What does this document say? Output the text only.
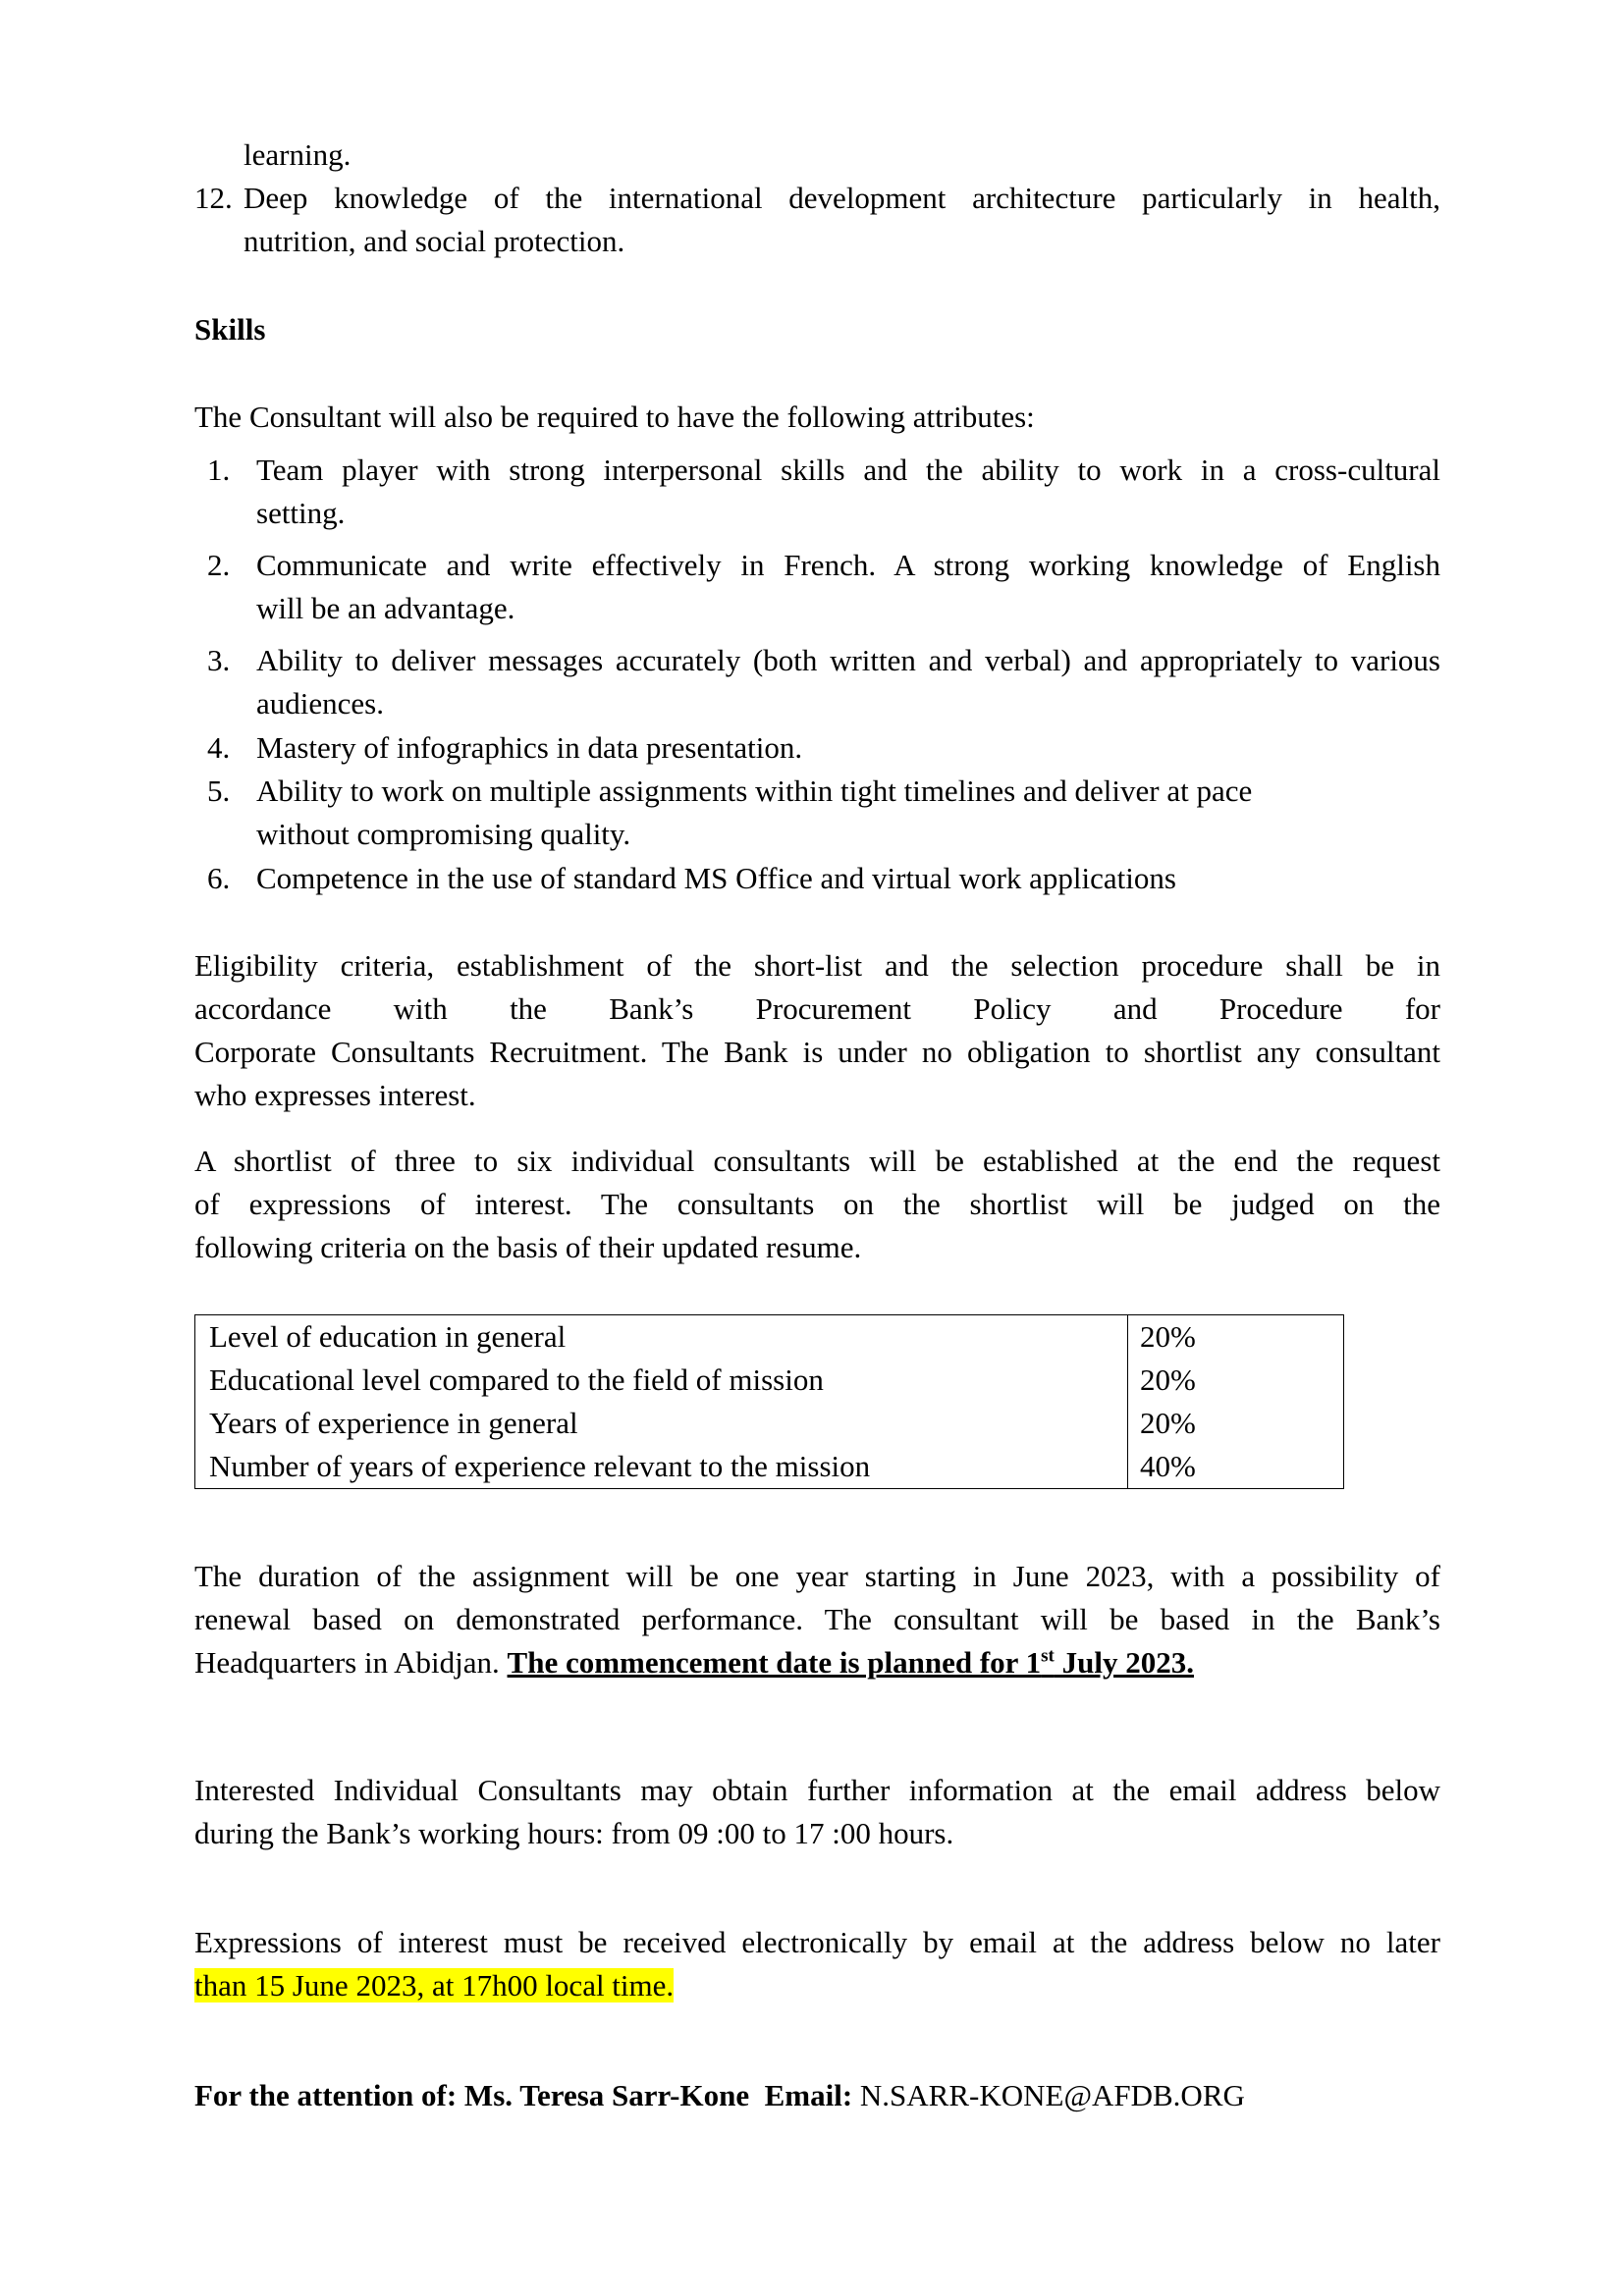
learning.

12. Deep knowledge of the international development architecture particularly in health,

nutrition, and social protection.

Skills

The Consultant will also be required to have the following attributes:

1. Team player with strong interpersonal skills and the ability to work in a cross-cultural

setting.

2. Communicate and write effectively in French. A strong working knowledge of English

will be an advantage.

3. Ability to deliver messages accurately (both written and verbal) and appropriately to various

audiences.

4. Mastery of infographics in data presentation.

5. Ability to work on multiple assignments within tight timelines and deliver at pace

without compromising quality.

6. Competence in the use of standard MS Office and virtual work applications

Eligibility criteria, establishment of the short-list and the selection procedure shall be in

accordance with the Bank’s Procurement Policy and Procedure for

Corporate Consultants Recruitment. The Bank is under no obligation to shortlist any consultant

who expresses interest.

A shortlist of three to six individual consultants will be established at the end the request

of expressions of interest. The consultants on the shortlist will be judged on the

following criteria on the basis of their updated resume.

Level of education in general	20%
Educational level compared to the field of mission	20%
Years of experience in general	20%
Number of years of experience relevant to the mission	40%

The duration of the assignment will be one year starting in June 2023, with a possibility of

renewal based on demonstrated performance. The consultant will be based in the Bank’s

Headquarters in Abidjan. The commencement date is planned for 1st July 2023.

Interested Individual Consultants may obtain further information at the email address below

during the Bank’s working hours: from 09 :00 to 17 :00 hours.

Expressions of interest must be received electronically by email at the address below no later

than 15 June 2023, at 17h00 local time.

For the attention of: Ms. Teresa Sarr-Kone  Email: N.SARR-KONE@AFDB.ORG
